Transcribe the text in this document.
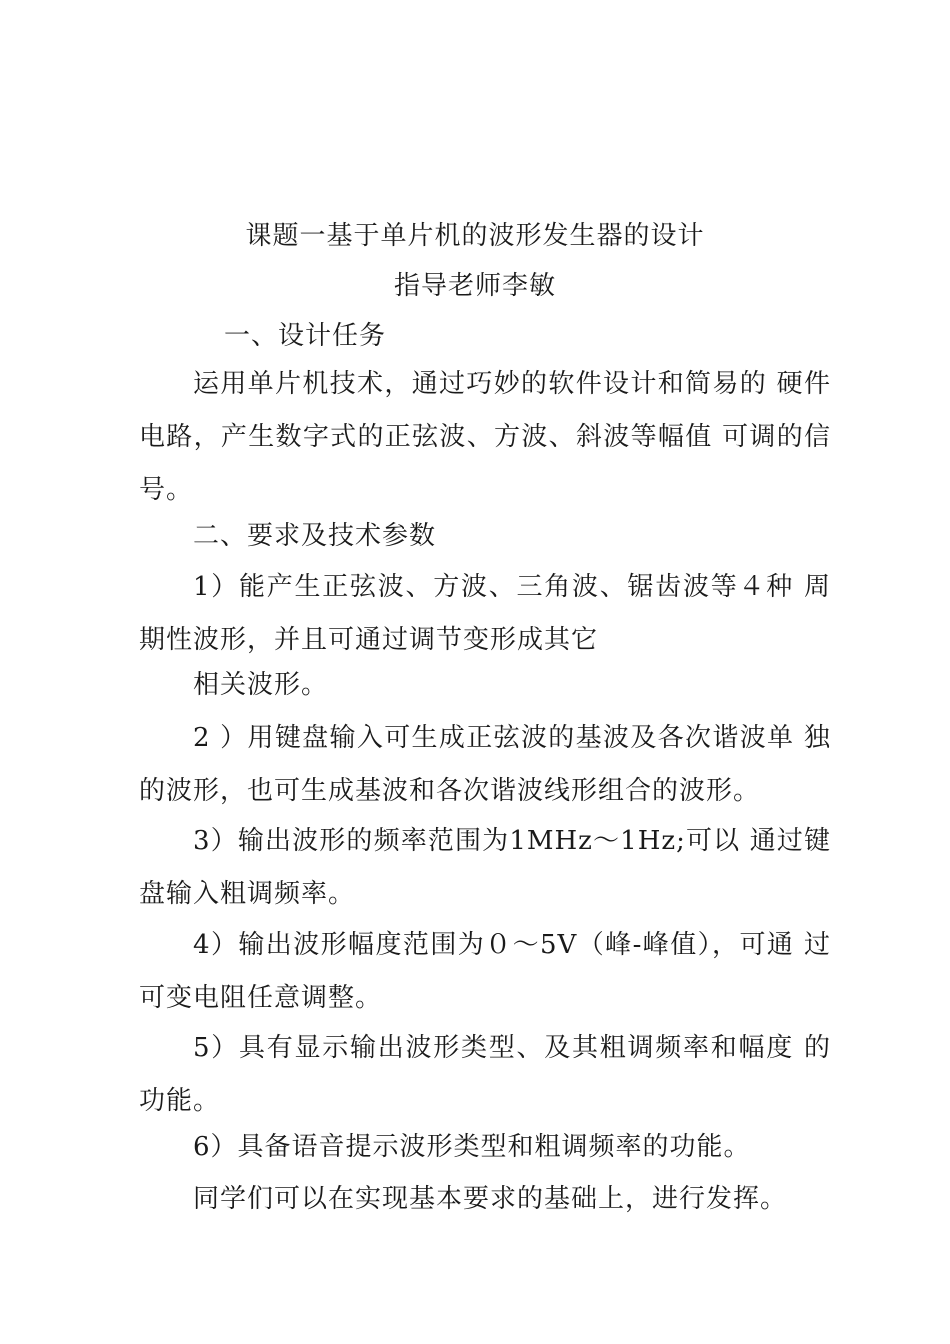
课题一基于单片机的波形发生器的设计
指导老师李敏
一、设计任务
运用单片机技术，通过巧妙的软件设计和简易的 硬件电路，产生数字式的正弦波、方波、斜波等幅值 可调的信号。
二、要求及技术参数
1）能产生正弦波、方波、三角波、锯齿波等４种 周期性波形，并且可通过调节变形成其它
相关波形。
2 ）用键盘输入可生成正弦波的基波及各次谐波单 独的波形，也可生成基波和各次谐波线形组合的波形。
3）输出波形的频率范围为1MHz～1Hz;可以 通过键盘输入粗调频率。
4）输出波形幅度范围为０～5V（峰-峰值），可通 过可变电阻任意调整。
5）具有显示输出波形类型、及其粗调频率和幅度 的功能。
6）具备语音提示波形类型和粗调频率的功能。
同学们可以在实现基本要求的基础上，进行发挥。
